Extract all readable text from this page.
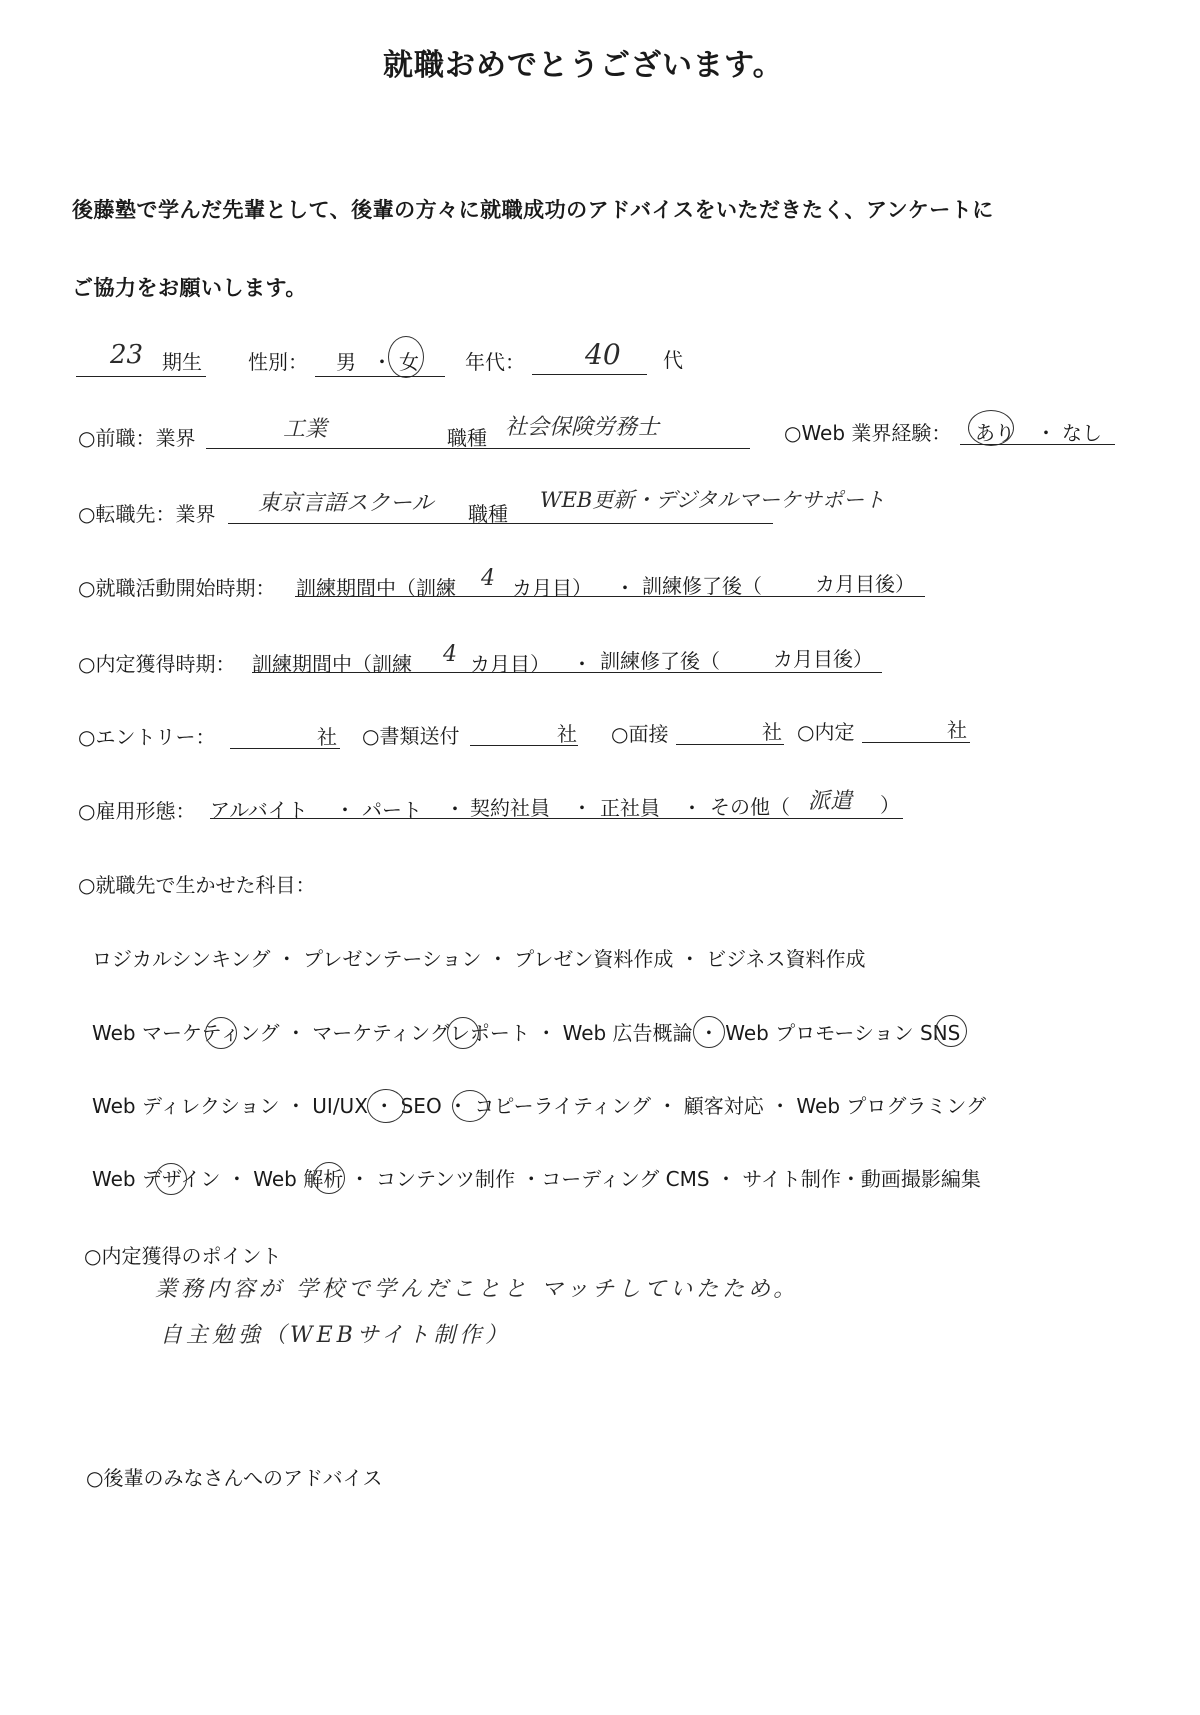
就職おめでとうございます。
後藤塾で学んだ先輩として、後輩の方々に就職成功のアドバイスをいただきたく、アンケートに
ご協力をお願いします。
23 期生 性別： 男 ・ 女 年代： 40 代
○前職：業界	工業	職種 社会保険労務士	○Web 業界経験： あり ・ なし
○転職先：業界 東京言語スクール 職種
WEB更新・デジタルマーケサポート
○就職活動開始時期： 訓練期間中（訓練 4 カ月目） ・ 訓練修了後（	カ月目後）
○内定獲得時期： 訓練期間中（訓練 4 カ月目） ・ 訓練修了後（	カ月目後）
○エントリー：	社 ○書類送付	社 ○面接	社 ○内定	社
○雇用形態： アルバイト ・ パート ・ 契約社員 ・ 正社員 ・ その他（ 派遣 ）
○就職先で生かせた科目：
ロジカルシンキング ・ プレゼンテーション ・ プレゼン資料作成 ・ ビジネス資料作成
Web マーケティング ・ マーケティングレポート ・ Web 広告概論 ・ Web プロモーション SNS
Web ディレクション ・ UI/UX ・ SEO ・ コピーライティング ・ 顧客対応 ・ Web プログラミング
Web デザイン ・ Web 解析 ・ コンテンツ制作 ・コーディング CMS ・ サイト制作・動画撮影編集
○内定獲得のポイント
業務内容が 学校で学んだことと マッチしていたため。
自主勉強（WEBサイト制作）
○後輩のみなさんへのアドバイス
